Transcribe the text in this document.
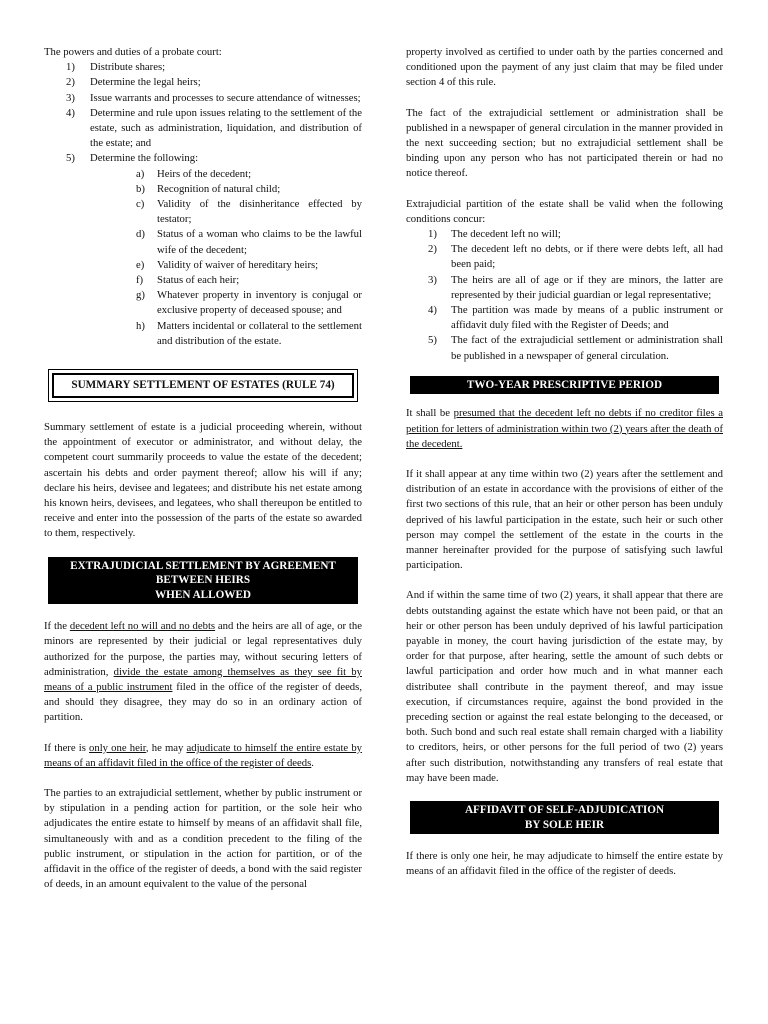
The powers and duties of a probate court:

1)	Distribute shares;
2)	Determine the legal heirs;
3)	Issue warrants and processes to secure attendance of witnesses;
4)	Determine and rule upon issues relating to the settlement of the estate, such as administration, liquidation, and distribution of the estate; and
5)	Determine the following:
a)	Heirs of the decedent;
b)	Recognition of natural child;
c)	Validity of the disinheritance effected by testator;
d)	Status of a woman who claims to be the lawful wife of the decedent;
e)	Validity of waiver of hereditary heirs;
f)	Status of each heir;
g)	Whatever property in inventory is conjugal or exclusive property of deceased spouse; and
h)	Matters incidental or collateral to the settlement and distribution of the estate.
SUMMARY SETTLEMENT OF ESTATES (RULE 74)

Summary settlement of estate is a judicial proceeding wherein, without the appointment of executor or administrator, and without delay, the competent court summarily proceeds to value the estate of the decedent; ascertain his debts and order payment thereof; allow his will if any; declare his heirs, devisee and legatees; and distribute his net estate among his known heirs, devisees, and legatees, who shall thereupon be entitled to receive and enter into the possession of the parts of the estate so awarded to them, respectively.

EXTRAJUDICIAL SETTLEMENT BY AGREEMENT BETWEEN HEIRS
WHEN ALLOWED

If the decedent left no will and no debts and the heirs are all of age, or the minors are represented by their judicial or legal representatives duly authorized for the purpose, the parties may, without securing letters of administration, divide the estate among themselves as they see fit by means of a public instrument filed in the office of the register of deeds, and should they disagree, they may do so in an ordinary action of partition.

If there is only one heir, he may adjudicate to himself the entire estate by means of an affidavit filed in the office of the register of deeds.

The parties to an extrajudicial settlement, whether by public instrument or by stipulation in a pending action for partition, or the sole heir who adjudicates the entire estate to himself by means of an affidavit shall file, simultaneously with and as a condition precedent to the filing of the public instrument, or stipulation in the action for partition, or of the affidavit in the office of the register of deeds, a bond with the said register of deeds, in an amount equivalent to the value of the personal

property involved as certified to under oath by the parties concerned and conditioned upon the payment of any just claim that may be filed under section 4 of this rule.

The fact of the extrajudicial settlement or administration shall be published in a newspaper of general circulation in the manner provided in the next succeeding section; but no extrajudicial settlement shall be binding upon any person who has not participated therein or had no notice thereof.

Extrajudicial partition of the estate shall be valid when the following conditions concur:

1)	The decedent left no will;
2)	The decedent left no debts, or if there were debts left, all had been paid;
3)	The heirs are all of age or if they are minors, the latter are represented by their judicial guardian or legal representative;
4)	The partition was made by means of a public instrument or affidavit duly filed with the Register of Deeds; and
5)	The fact of the extrajudicial settlement or administration shall be published in a newspaper of general circulation.
TWO-YEAR PRESCRIPTIVE PERIOD

It shall be presumed that the decedent left no debts if no creditor files a petition for letters of administration within two (2) years after the death of the decedent.

If it shall appear at any time within two (2) years after the settlement and distribution of an estate in accordance with the provisions of either of the first two sections of this rule, that an heir or other person has been unduly deprived of his lawful participation in the estate, such heir or such other person may compel the settlement of the estate in the courts in the manner hereinafter provided for the purpose of satisfying such lawful participation.

And if within the same time of two (2) years, it shall appear that there are debts outstanding against the estate which have not been paid, or that an heir or other person has been unduly deprived of his lawful participation payable in money, the court having jurisdiction of the estate may, by order for that purpose, after hearing, settle the amount of such debts or lawful participation and order how much and in what manner each distributee shall contribute in the payment thereof, and may issue execution, if circumstances require, against the bond provided in the preceding section or against the real estate belonging to the deceased, or both. Such bond and such real estate shall remain charged with a liability to creditors, heirs, or other persons for the full period of two (2) years after such distribution, notwithstanding any transfers of real estate that may have been made.

AFFIDAVIT OF SELF-ADJUDICATION
BY SOLE HEIR

If there is only one heir, he may adjudicate to himself the entire estate by means of an affidavit filed in the office of the register of deeds.
